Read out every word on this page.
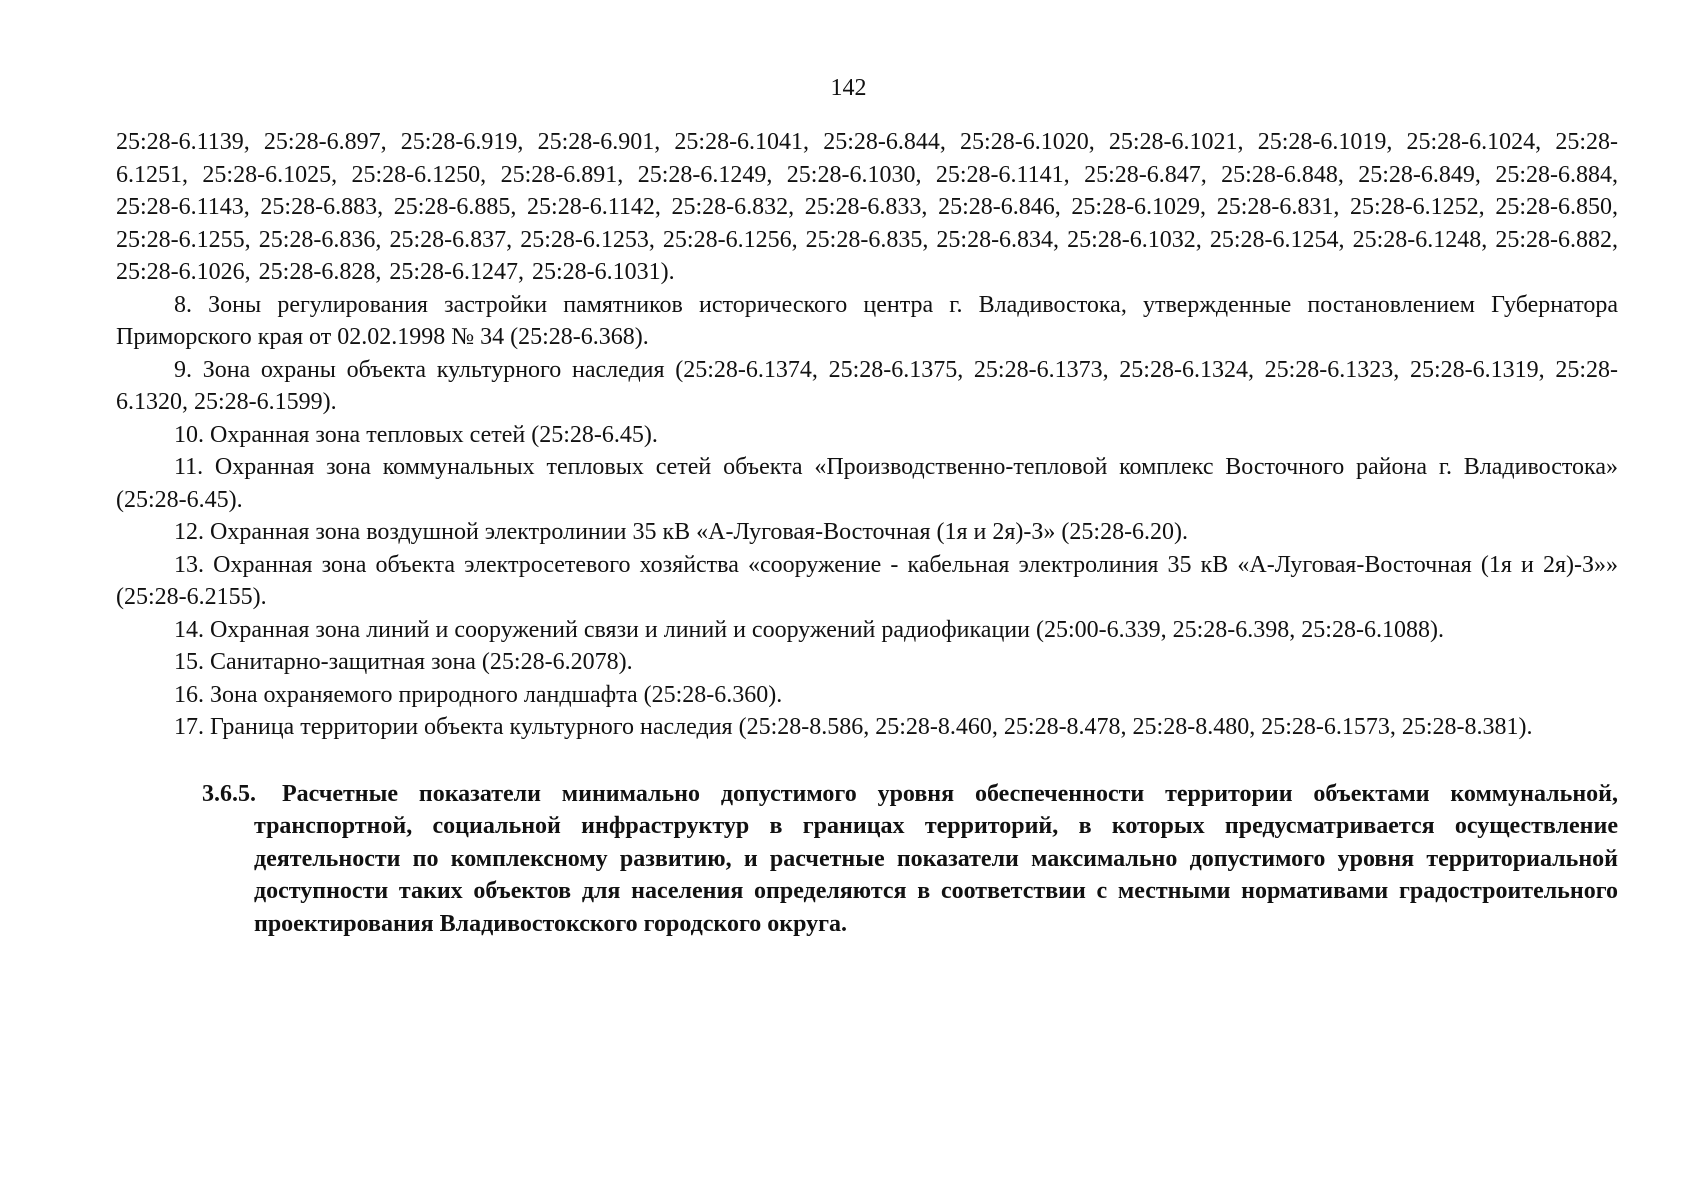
142

25:28-6.1139, 25:28-6.897, 25:28-6.919, 25:28-6.901, 25:28-6.1041, 25:28-6.844, 25:28-6.1020, 25:28-6.1021, 25:28-6.1019, 25:28-6.1024, 25:28-6.1251, 25:28-6.1025, 25:28-6.1250, 25:28-6.891, 25:28-6.1249, 25:28-6.1030, 25:28-6.1141, 25:28-6.847, 25:28-6.848, 25:28-6.849, 25:28-6.884, 25:28-6.1143, 25:28-6.883, 25:28-6.885, 25:28-6.1142, 25:28-6.832, 25:28-6.833, 25:28-6.846, 25:28-6.1029, 25:28-6.831, 25:28-6.1252, 25:28-6.850, 25:28-6.1255, 25:28-6.836, 25:28-6.837, 25:28-6.1253, 25:28-6.1256, 25:28-6.835, 25:28-6.834, 25:28-6.1032, 25:28-6.1254, 25:28-6.1248, 25:28-6.882, 25:28-6.1026, 25:28-6.828, 25:28-6.1247, 25:28-6.1031).

8. Зоны регулирования застройки памятников исторического центра г. Владивостока, утвержденные постановлением Губернатора Приморского края от 02.02.1998 № 34 (25:28-6.368).

9. Зона охраны объекта культурного наследия (25:28-6.1374, 25:28-6.1375, 25:28-6.1373, 25:28-6.1324, 25:28-6.1323, 25:28-6.1319, 25:28-6.1320, 25:28-6.1599).

10. Охранная зона тепловых сетей (25:28-6.45).

11. Охранная зона коммунальных тепловых сетей объекта «Производственно-тепловой комплекс Восточного района г. Владивостока» (25:28-6.45).

12. Охранная зона воздушной электролинии 35 кВ «А-Луговая-Восточная (1я и 2я)-З» (25:28-6.20).

13. Охранная зона объекта электросетевого хозяйства «сооружение - кабельная электролиния 35 кВ «А-Луговая-Восточная (1я и 2я)-З»» (25:28-6.2155).

14. Охранная зона линий и сооружений связи и линий и сооружений радиофикации (25:00-6.339, 25:28-6.398, 25:28-6.1088).

15. Санитарно-защитная зона (25:28-6.2078).

16. Зона охраняемого природного ландшафта (25:28-6.360).

17. Граница территории объекта культурного наследия (25:28-8.586, 25:28-8.460, 25:28-8.478, 25:28-8.480, 25:28-6.1573, 25:28-8.381).

3.6.5. Расчетные показатели минимально допустимого уровня обеспеченности территории объектами коммунальной, транспортной, социальной инфраструктур в границах территорий, в которых предусматривается осуществление деятельности по комплексному развитию, и расчетные показатели максимально допустимого уровня территориальной доступности таких объектов для населения определяются в соответствии с местными нормативами градостроительного проектирования Владивостокского городского округа.
